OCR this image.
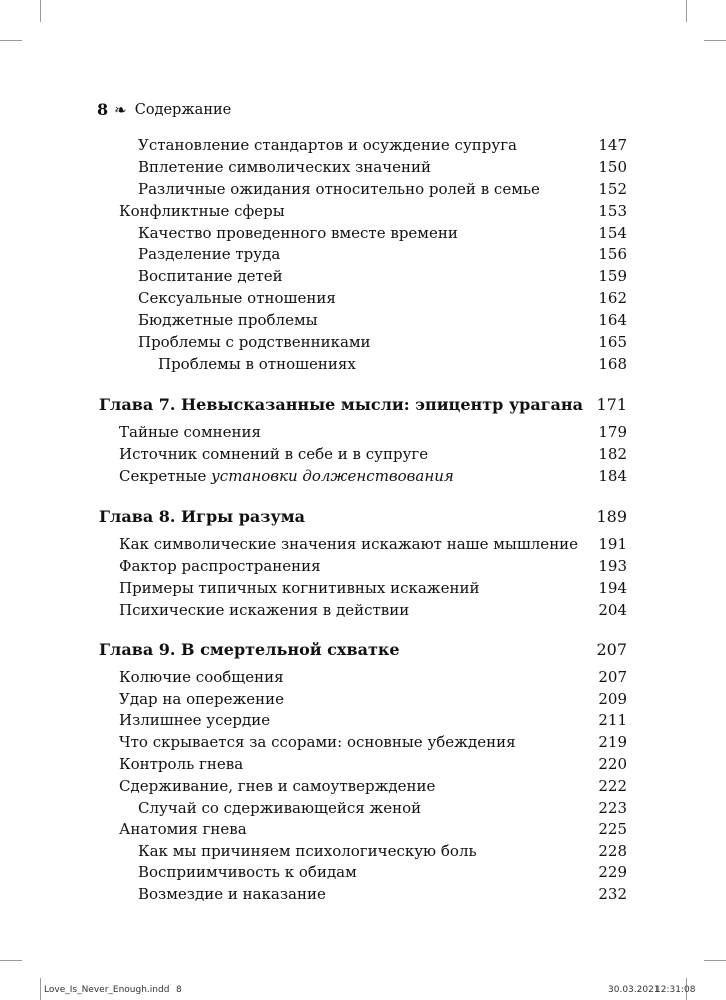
8 ❧ Содержание
Установление стандартов и осуждение супруга	147
Вплетение символических значений	150
Различные ожидания относительно ролей в семье	152
Конфликтные сферы	153
Качество проведенного вместе времени	154
Разделение труда	156
Воспитание детей	159
Сексуальные отношения	162
Бюджетные проблемы	164
Проблемы с родственниками	165
Проблемы в отношениях	168
Глава 7. Невысказанные мысли: эпицентр урагана 171
Тайные сомнения	179
Источник сомнений в себе и в супруге	182
Секретные установки долженствования	184
Глава 8. Игры разума	189
Как символические значения искажают наше мышление 191
Фактор распространения	193
Примеры типичных когнитивных искажений	194
Психические искажения в действии	204
Глава 9. В смертельной схватке	207
Колючие сообщения	207
Удар на опережение	209
Излишнее усердие	211
Что скрывается за ссорами: основные убеждения	219
Контроль гнева	220
Сдерживание, гнев и самоутверждение	222
Случай со сдерживающейся женой	223
Анатомия гнева	225
Как мы причиняем психологическую боль	228
Восприимчивость к обидам	229
Возмездие и наказание	232
Love_Is_Never_Enough.indd 8	30.03.2021
12:31:08
